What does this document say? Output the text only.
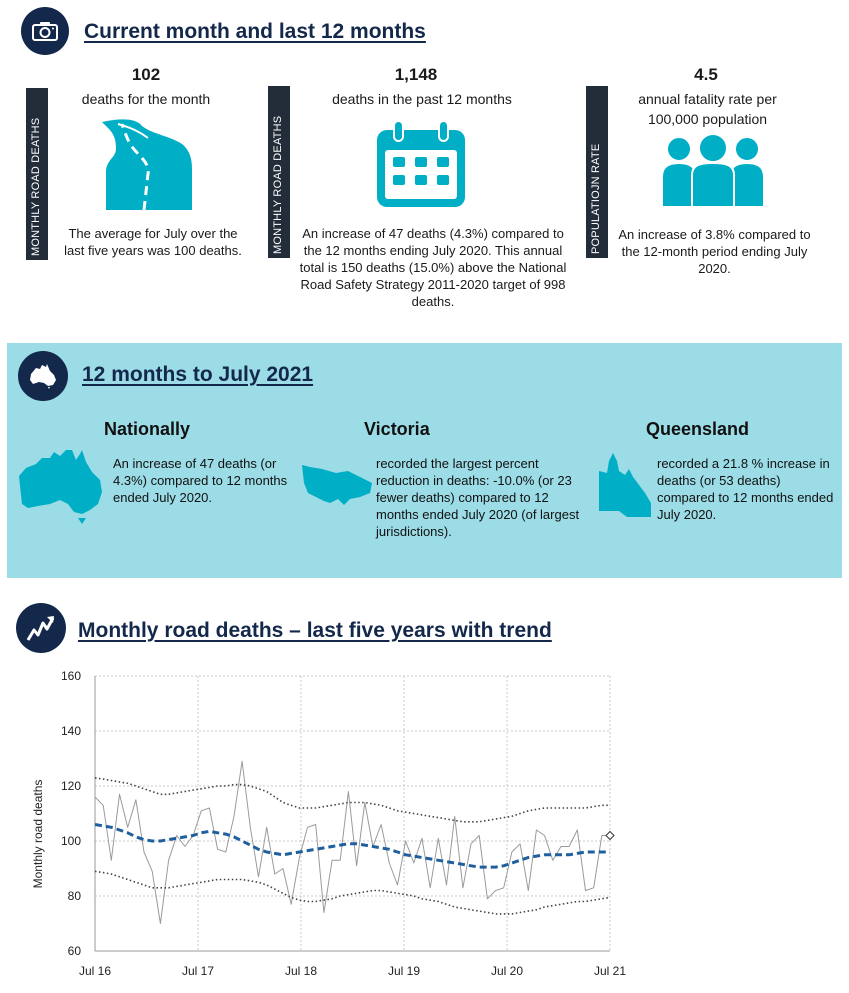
Current month and last 12 months
MONTHLY ROAD DEATHS
102
deaths for the month
The average for July over the last five years was 100 deaths.	MONTHLY ROAD DEATHS
1,148
deaths in the past 12 months
An increase of 47 deaths (4.3%) compared to the 12 months ending July 2020. This annual total is 150 deaths (15.0%) above the National Road Safety Strategy 2011-2020 target of 998 deaths.
POPULATIOJN RATE
4.5
annual fatality rate per 100,000 population
An increase of 3.8% compared to the 12-month period ending July 2020.
12 months to July 2021
Nationally
An increase of 47 deaths (or 4.3%) compared to 12 months ended July 2020.
Victoria
recorded the largest percent reduction in deaths: -10.0% (or 23 fewer deaths) compared to 12 months ended July 2020 (of largest jurisdictions).
Queensland
recorded a 21.8 % increase in deaths (or 53 deaths) compared to 12 months ended July 2020.
Monthly road deaths – last five years with trend
60
80
100
120
140
160
Jul 16	Jul 17	Jul 18	Jul 19	Jul 20	Jul 21
Monthly road deaths
